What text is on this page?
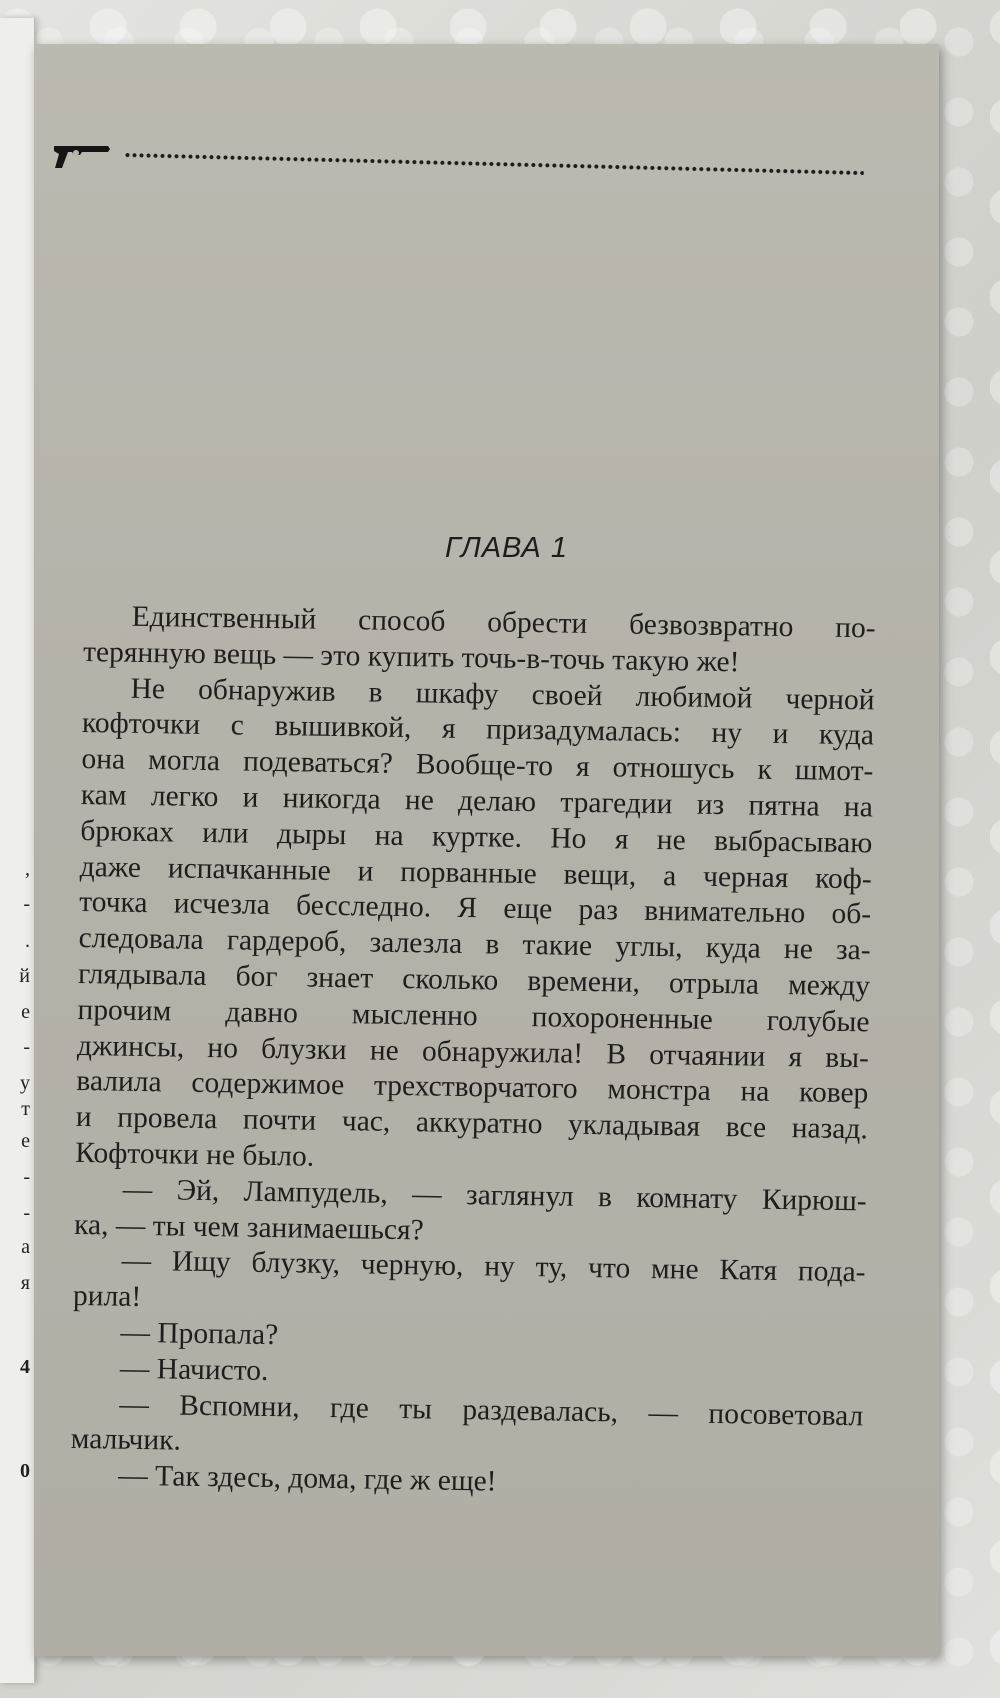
,
-
.
й
е
-
у
т
е
-
-
а
я
4
0
ГЛАВА 1
Единственный способ обрести безвозвратно по-
терянную вещь — это купить точь-в-точь такую же!
Не обнаружив в шкафу своей любимой черной
кофточки с вышивкой, я призадумалась: ну и куда
она могла подеваться? Вообще-то я отношусь к шмот-
кам легко и никогда не делаю трагедии из пятна на
брюках или дыры на куртке. Но я не выбрасываю
даже испачканные и порванные вещи, а черная коф-
точка исчезла бесследно. Я еще раз внимательно об-
следовала гардероб, залезла в такие углы, куда не за-
глядывала бог знает сколько времени, отрыла между
прочим давно мысленно похороненные голубые
джинсы, но блузки не обнаружила! В отчаянии я вы-
валила содержимое трехстворчатого монстра на ковер
и провела почти час, аккуратно укладывая все назад.
Кофточки не было.
— Эй, Лампудель, — заглянул в комнату Кирюш-
ка, — ты чем занимаешься?
— Ищу блузку, черную, ну ту, что мне Катя пода-
рила!
— Пропала?
— Начисто.
— Вспомни, где ты раздевалась, — посоветовал
мальчик.
— Так здесь, дома, где ж еще!
